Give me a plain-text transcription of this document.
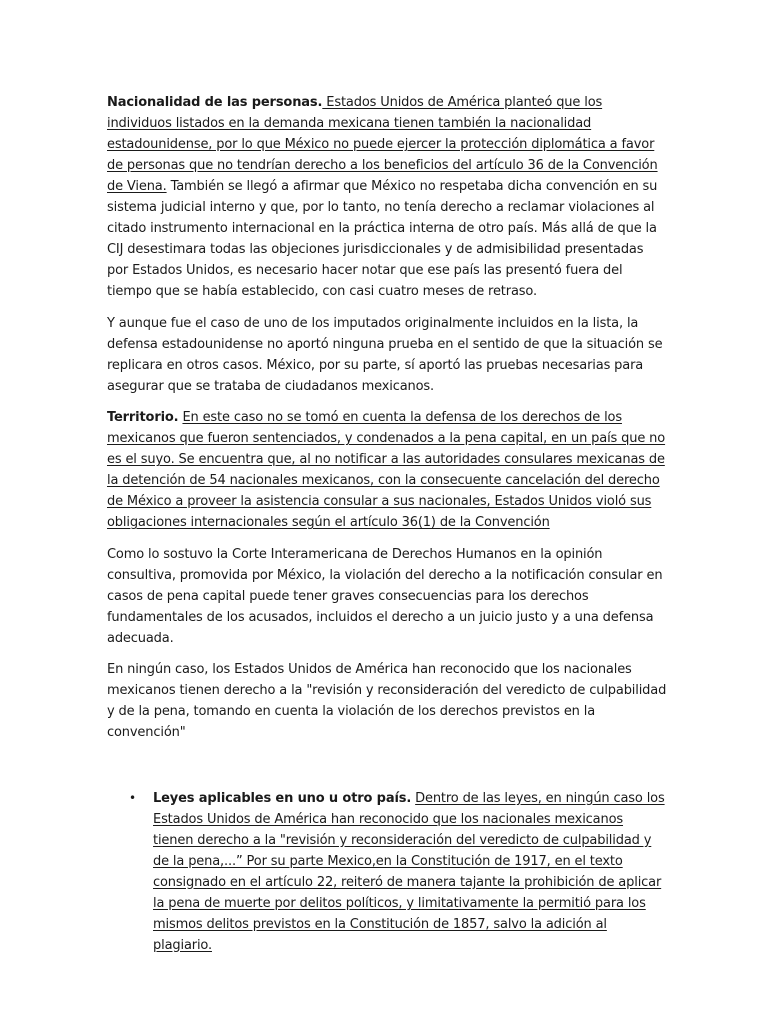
Nacionalidad de las personas. Estados Unidos de América planteó que los individuos listados en la demanda mexicana tienen también la nacionalidad estadounidense, por lo que México no puede ejercer la protección diplomática a favor de personas que no tendrían derecho a los beneficios del artículo 36 de la Convención de Viena. También se llegó a afirmar que México no respetaba dicha convención en su sistema judicial interno y que, por lo tanto, no tenía derecho a reclamar violaciones al citado instrumento internacional en la práctica interna de otro país. Más allá de que la CIJ desestimara todas las objeciones jurisdiccionales y de admisibilidad presentadas por Estados Unidos, es necesario hacer notar que ese país las presentó fuera del tiempo que se había establecido, con casi cuatro meses de retraso.

Y aunque fue el caso de uno de los imputados originalmente incluidos en la lista, la defensa estadounidense no aportó ninguna prueba en el sentido de que la situación se replicara en otros casos. México, por su parte, sí aportó las pruebas necesarias para asegurar que se trataba de ciudadanos mexicanos.

Territorio. En este caso no se tomó en cuenta la defensa de los derechos de los mexicanos que fueron sentenciados, y condenados a la pena capital, en un país que no es el suyo. Se encuentra que, al no notificar a las autoridades consulares mexicanas de la detención de 54 nacionales mexicanos, con la consecuente cancelación del derecho de México a proveer la asistencia consular a sus nacionales, Estados Unidos violó sus obligaciones internacionales según el artículo 36(1) de la Convención

Como lo sostuvo la Corte Interamericana de Derechos Humanos en la opinión consultiva, promovida por México, la violación del derecho a la notificación consular en casos de pena capital puede tener graves consecuencias para los derechos fundamentales de los acusados, incluidos el derecho a un juicio justo y a una defensa adecuada.

En ningún caso, los Estados Unidos de América han reconocido que los nacionales mexicanos tienen derecho a la "revisión y reconsideración del veredicto de culpabilidad y de la pena, tomando en cuenta la violación de los derechos previstos en la convención"

• Leyes aplicables en uno u otro país. Dentro de las leyes, en ningún caso los Estados Unidos de América han reconocido que los nacionales mexicanos tienen derecho a la "revisión y reconsideración del veredicto de culpabilidad y de la pena,...” Por su parte Mexico,en la Constitución de 1917, en el texto consignado en el artículo 22, reiteró de manera tajante la prohibición de aplicar la pena de muerte por delitos políticos, y limitativamente la permitió para los mismos delitos previstos en la Constitución de 1857, salvo la adición al plagiario.
